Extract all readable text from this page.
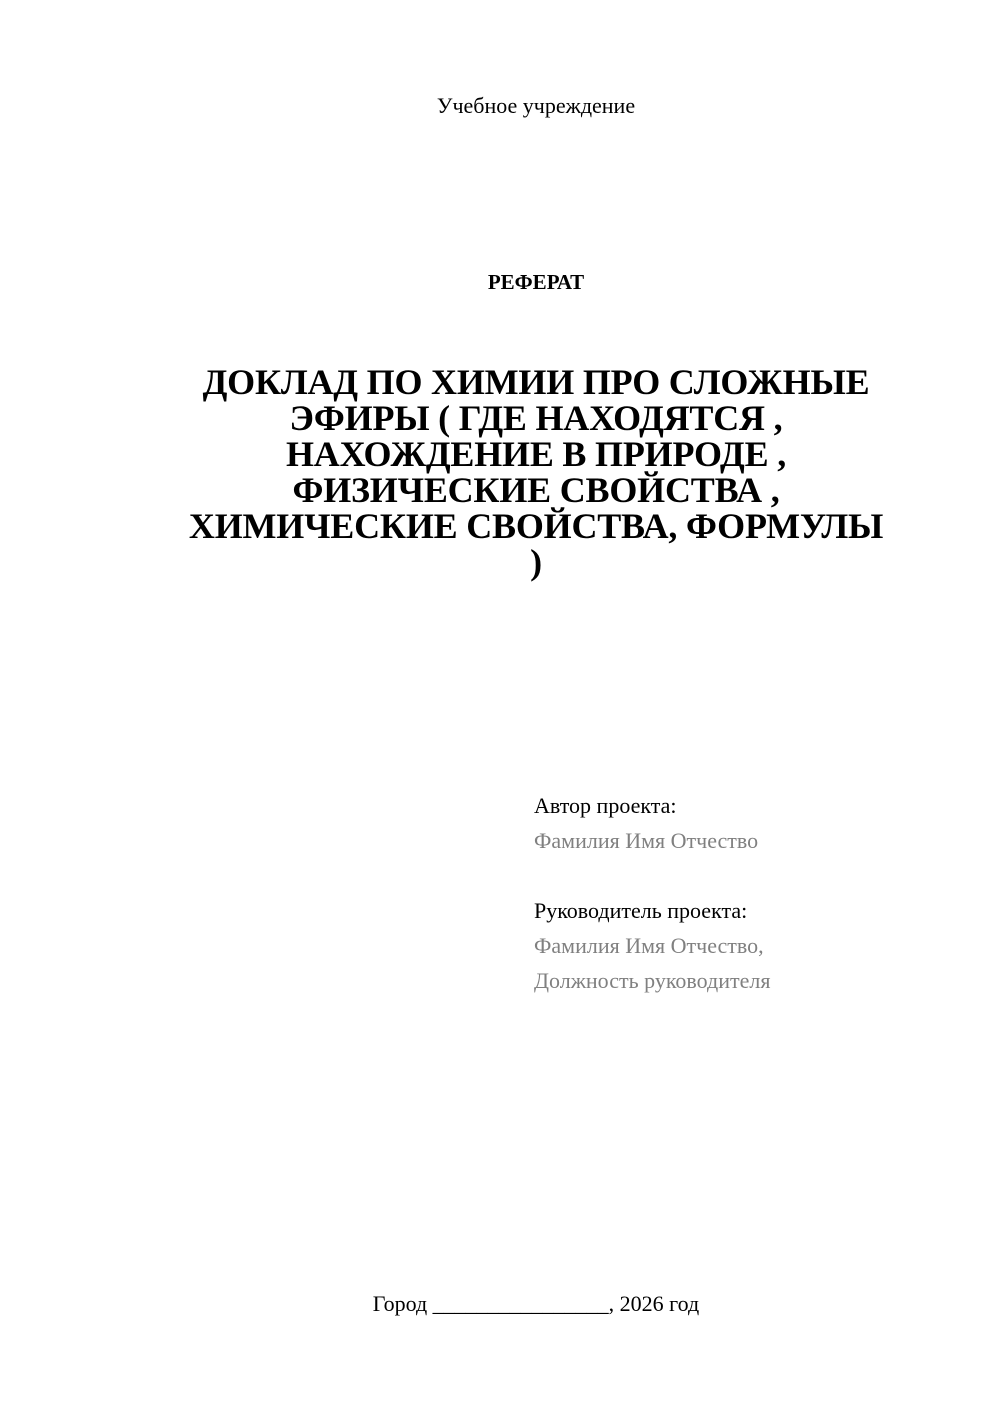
Учебное учреждение
РЕФЕРАТ
ДОКЛАД ПО ХИМИИ ПРО СЛОЖНЫЕ
ЭФИРЫ ( ГДЕ НАХОДЯТСЯ ,
НАХОЖДЕНИЕ В ПРИРОДЕ ,
ФИЗИЧЕСКИЕ СВОЙСТВА ,
ХИМИЧЕСКИЕ СВОЙСТВА, ФОРМУЛЫ
)
Автор проекта:
Фамилия Имя Отчество
Руководитель проекта:
Фамилия Имя Отчество,
Должность руководителя
Город ________________, 2026 год
